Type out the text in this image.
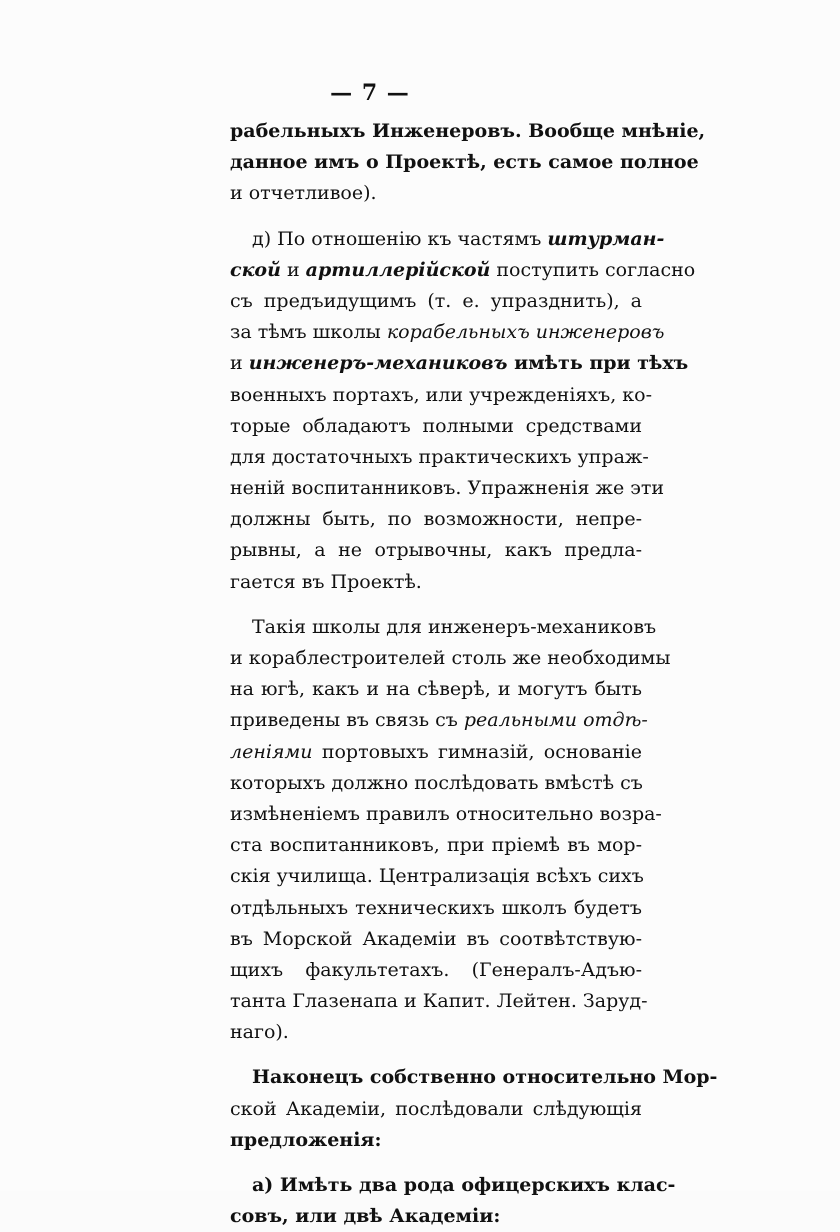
— 7 —
рабельныхъ Инженеровъ. Вообще мнѣніе,
данное имъ о Проектѣ, есть самое полное
и отчетливое).
д) По отношенію къ частямъ штурман-
ской и артиллерійской поступить согласно
съ предъидущимъ (т. е. упразднить), а
за тѣмъ школы корабельныхъ инженеровъ
и инженеръ-механиковъ имѣть при тѣхъ
военныхъ портахъ, или учрежденіяхъ, ко-
торые обладаютъ полными средствами
для достаточныхъ практическихъ упраж-
неній воспитанниковъ. Упражненія же эти
должны быть, по возможности, непре-
рывны, а не отрывочны, какъ предла-
гается въ Проектѣ.
Такія школы для инженеръ-механиковъ
и кораблестроителей столь же необходимы
на югѣ, какъ и на сѣверѣ, и могутъ быть
приведены въ связь съ реальными отдѣ-
леніями портовыхъ гимназій, основаніе
которыхъ должно послѣдовать вмѣстѣ съ
измѣненіемъ правилъ относительно возра-
ста воспитанниковъ, при пріемѣ въ мор-
скія училища. Централизація всѣхъ сихъ
отдѣльныхъ техническихъ школъ будетъ
въ Морской Академіи въ соотвѣтствую-
щихъ факультетахъ. (Генералъ-Адъю-
танта Глазенапа и Капит. Лейтен. Заруд-
наго).
Наконецъ собственно относительно Мор-
ской Академіи, послѣдовали слѣдующія
предложенія:
а) Имѣть два рода офицерскихъ клас-
совъ, или двѣ Академіи:
